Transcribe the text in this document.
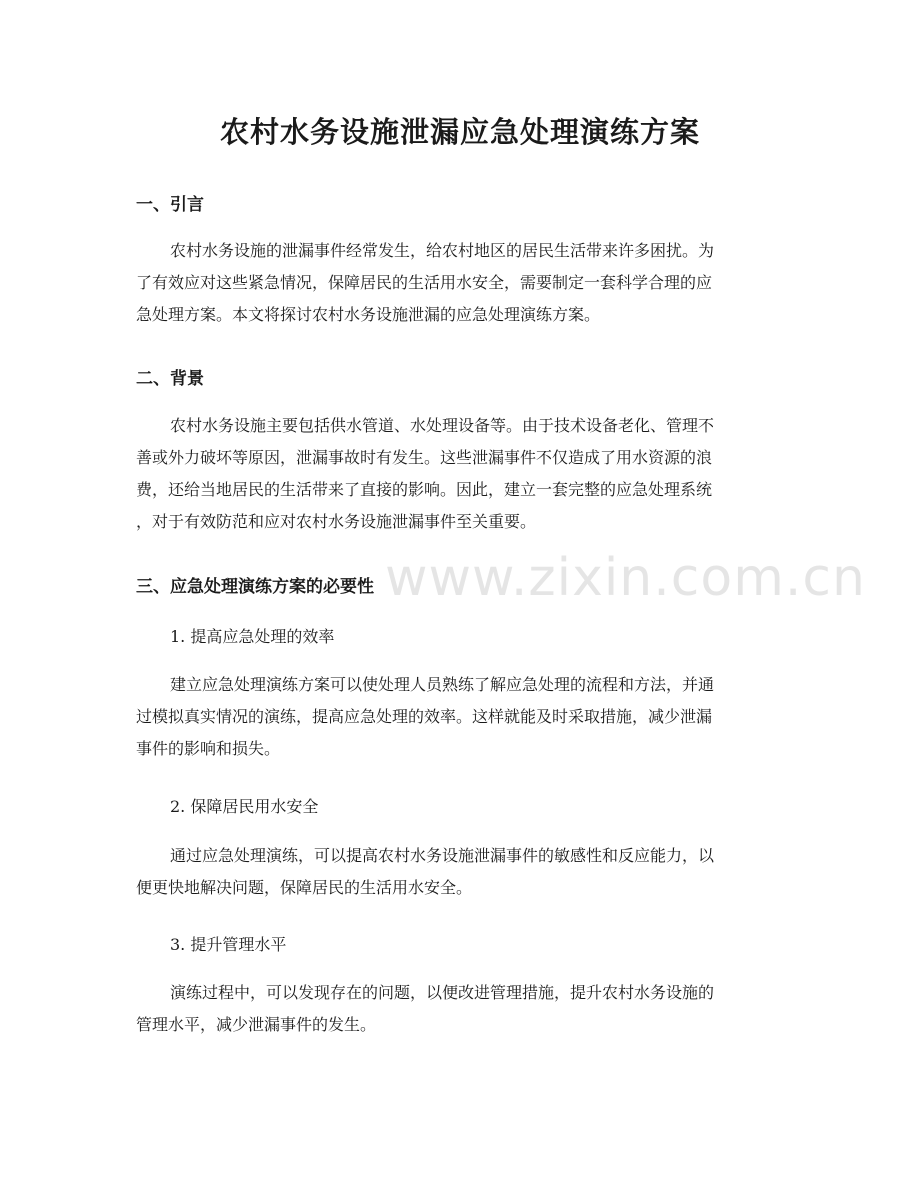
农村水务设施泄漏应急处理演练方案
www.zixin.com.cn
一、引言
农村水务设施的泄漏事件经常发生，给农村地区的居民生活带来许多困扰。为
了有效应对这些紧急情况，保障居民的生活用水安全，需要制定一套科学合理的应
急处理方案。本文将探讨农村水务设施泄漏的应急处理演练方案。
二、背景
农村水务设施主要包括供水管道、水处理设备等。由于技术设备老化、管理不
善或外力破坏等原因，泄漏事故时有发生。这些泄漏事件不仅造成了用水资源的浪
费，还给当地居民的生活带来了直接的影响。因此，建立一套完整的应急处理系统
，对于有效防范和应对农村水务设施泄漏事件至关重要。
三、应急处理演练方案的必要性
1. 提高应急处理的效率
建立应急处理演练方案可以使处理人员熟练了解应急处理的流程和方法，并通
过模拟真实情况的演练，提高应急处理的效率。这样就能及时采取措施，减少泄漏
事件的影响和损失。
2. 保障居民用水安全
通过应急处理演练，可以提高农村水务设施泄漏事件的敏感性和反应能力，以
便更快地解决问题，保障居民的生活用水安全。
3. 提升管理水平
演练过程中，可以发现存在的问题，以便改进管理措施，提升农村水务设施的
管理水平，减少泄漏事件的发生。
